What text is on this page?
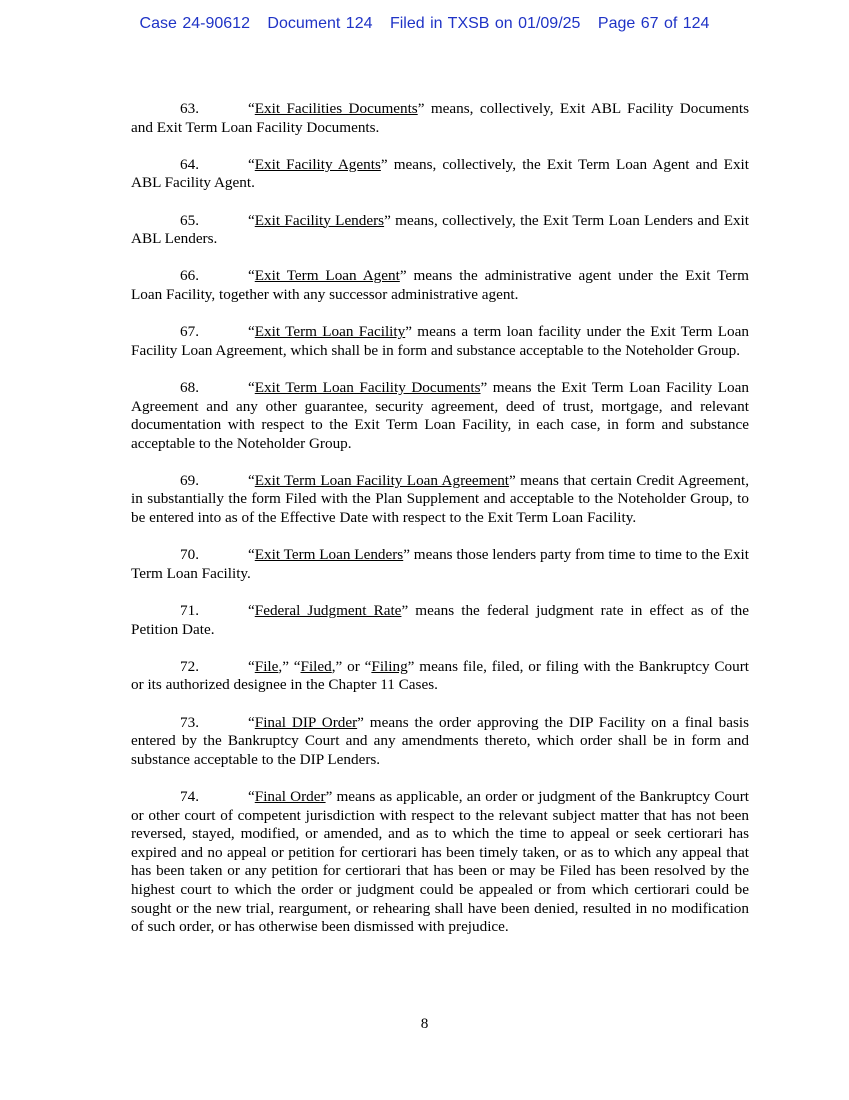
Case 24-90612 Document 124 Filed in TXSB on 01/09/25 Page 67 of 124

63.	“Exit Facilities Documents” means, collectively, Exit ABL Facility Documents and Exit Term Loan Facility Documents.

64.	“Exit Facility Agents” means, collectively, the Exit Term Loan Agent and Exit ABL Facility Agent.

65.	“Exit Facility Lenders” means, collectively, the Exit Term Loan Lenders and Exit ABL Lenders.

66.	“Exit Term Loan Agent” means the administrative agent under the Exit Term Loan Facility, together with any successor administrative agent.

67.	“Exit Term Loan Facility” means a term loan facility under the Exit Term Loan Facility Loan Agreement, which shall be in form and substance acceptable to the Noteholder Group.

68.	“Exit Term Loan Facility Documents” means the Exit Term Loan Facility Loan Agreement and any other guarantee, security agreement, deed of trust, mortgage, and relevant documentation with respect to the Exit Term Loan Facility, in each case, in form and substance acceptable to the Noteholder Group.

69.	“Exit Term Loan Facility Loan Agreement” means that certain Credit Agreement, in substantially the form Filed with the Plan Supplement and acceptable to the Noteholder Group, to be entered into as of the Effective Date with respect to the Exit Term Loan Facility.

70.	“Exit Term Loan Lenders” means those lenders party from time to time to the Exit Term Loan Facility.

71.	“Federal Judgment Rate” means the federal judgment rate in effect as of the Petition Date.

72.	“File,” “Filed,” or “Filing” means file, filed, or filing with the Bankruptcy Court or its authorized designee in the Chapter 11 Cases.

73.	“Final DIP Order” means the order approving the DIP Facility on a final basis entered by the Bankruptcy Court and any amendments thereto, which order shall be in form and substance acceptable to the DIP Lenders.

74.	“Final Order” means as applicable, an order or judgment of the Bankruptcy Court or other court of competent jurisdiction with respect to the relevant subject matter that has not been reversed, stayed, modified, or amended, and as to which the time to appeal or seek certiorari has expired and no appeal or petition for certiorari has been timely taken, or as to which any appeal that has been taken or any petition for certiorari that has been or may be Filed has been resolved by the highest court to which the order or judgment could be appealed or from which certiorari could be sought or the new trial, reargument, or rehearing shall have been denied, resulted in no modification of such order, or has otherwise been dismissed with prejudice.

8
